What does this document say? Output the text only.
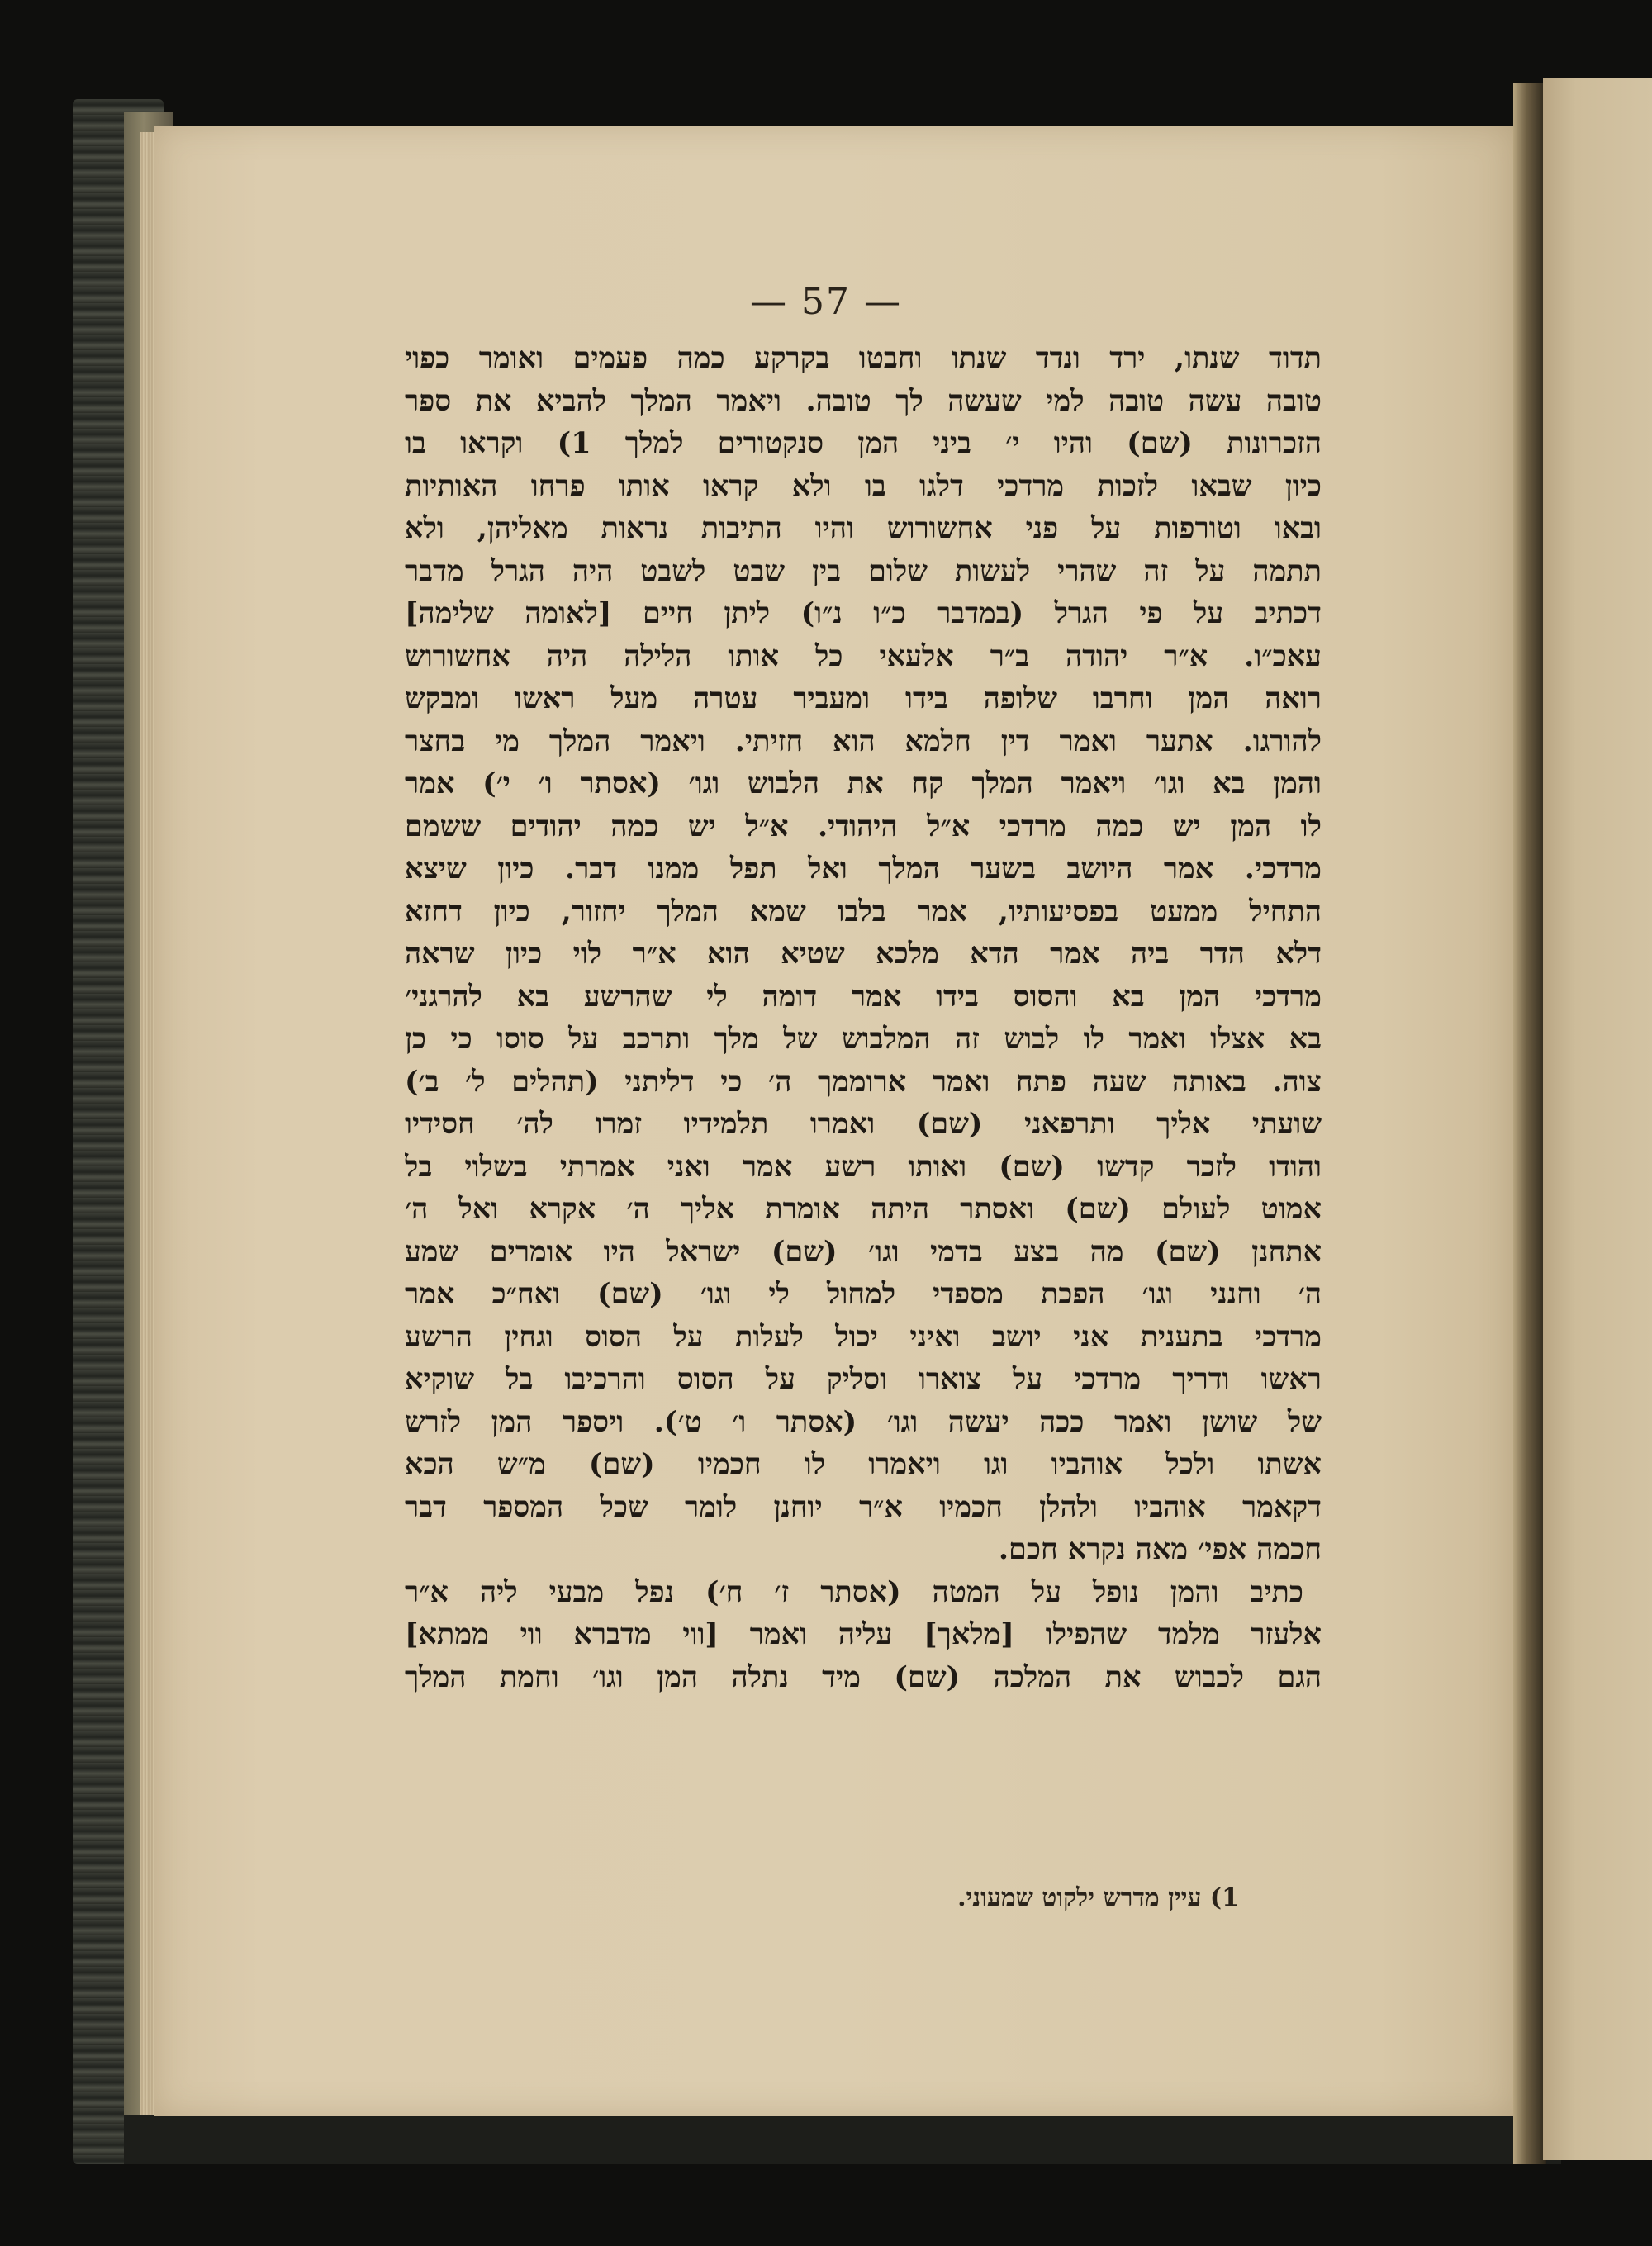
— 57 —
תדוד שנתו, ירד ונדד שנתו וחבטו בקרקע כמה פעמים ואומר כפוי
טובה עשה טובה למי שעשה לך טובה. ויאמר המלך להביא את ספר
הזכרונות (שם) והיו י׳ ביני המן סנקטורים למלך 1) וקראו בו
כיון שבאו לזכות מרדכי דלגו בו ולא קראו אותו פרחו האותיות
ובאו וטורפות על פני אחשורוש והיו התיבות נראות מאליהן, ולא
תתמה על זה שהרי לעשות שלום בין שבט לשבט היה הגרל מדבר
דכתיב על פי הגרל (במדבר כ״ו נ״ו) ליתן חיים [לאומה שלימה]
עאכ״ו. א״ר יהודה ב״ר אלעאי כל אותו הלילה היה אחשורוש
רואה המן וחרבו שלופה בידו ומעביר עטרה מעל ראשו ומבקש
להורגו. אתער ואמר דין חלמא הוא חזיתי. ויאמר המלך מי בחצר
והמן בא וגו׳ ויאמר המלך קח את הלבוש וגו׳ (אסתר ו׳ י׳) אמר
לו המן יש כמה מרדכי א״ל היהודי. א״ל יש כמה יהודים ששמם
מרדכי. אמר היושב בשער המלך ואל תפל ממנו דבר. כיון שיצא
התחיל ממעט בפסיעותיו, אמר בלבו שמא המלך יחזור, כיון דחזא
דלא הדר ביה אמר הדא מלכא שטיא הוא א״ר לוי כיון שראה
מרדכי המן בא והסוס בידו אמר דומה לי שהרשע בא להרגני׳
בא אצלו ואמר לו לבוש זה המלבוש של מלך ותרכב על סוסו כי כן
צוה. באותה שעה פתח ואמר ארוממך ה׳ כי דליתני (תהלים ל׳ ב׳)
שועתי אליך ותרפאני (שם) ואמרו תלמידיו זמרו לה׳ חסידיו
והודו לזכר קדשו (שם) ואותו רשע אמר ואני אמרתי בשלוי בל
אמוט לעולם (שם) ואסתר היתה אומרת אליך ה׳ אקרא ואל ה׳
אתחנן (שם) מה בצע בדמי וגו׳ (שם) ישראל היו אומרים שמע
ה׳ וחנני וגו׳ הפכת מספדי למחול לי וגו׳ (שם) ואח״כ אמר
מרדכי בתענית אני יושב ואיני יכול לעלות על הסוס וגחין הרשע
ראשו ודריך מרדכי על צוארו וסליק על הסוס והרכיבו בל שוקיא
של שושן ואמר ככה יעשה וגו׳ (אסתר ו׳ ט׳). ויספר המן לזרש
אשתו ולכל אוהביו וגו ויאמרו לו חכמיו (שם) מ״ש הכא
דקאמר אוהביו ולהלן חכמיו א״ר יוחנן לומר שכל המספר דבר
חכמה אפי׳ מאה נקרא חכם.
כתיב והמן נופל על המטה (אסתר ז׳ ח׳) נפל מבעי ליה א״ר
אלעזר מלמד שהפילו [מלאך] עליה ואמר [ווי מדברא ווי ממתא]
הגם לכבוש את המלכה (שם) מיד נתלה המן וגו׳ וחמת המלך
1) עיין מדרש ילקוט שמעוני.
